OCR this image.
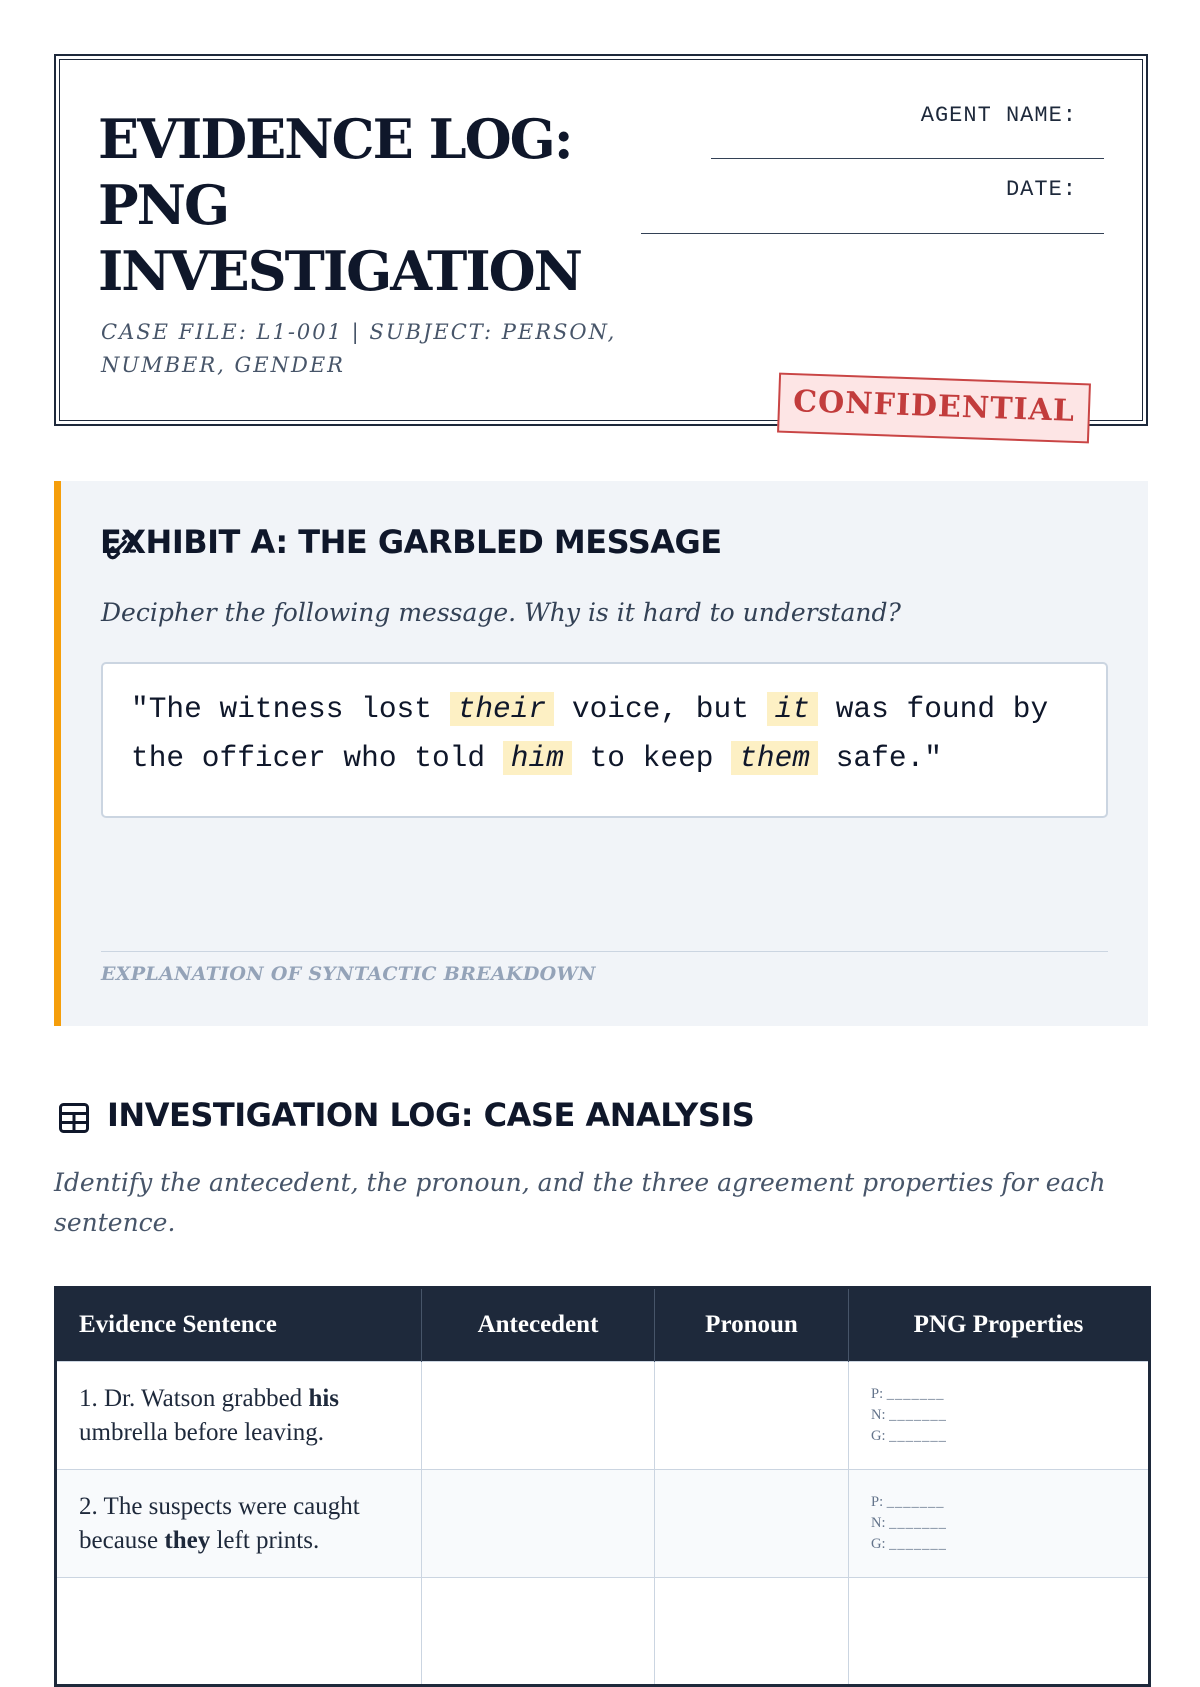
EVIDENCE LOG:
PNG
INVESTIGATION
CASE FILE: L1-001 | SUBJECT: PERSON, NUMBER, GENDER
AGENT NAME:
DATE:
CONFIDENTIAL
EXHIBIT A: THE GARBLED MESSAGE
Decipher the following message. Why is it hard to understand?
"The witness lost their voice, but it was found by the officer who told him to keep them safe."
EXPLANATION OF SYNTACTIC BREAKDOWN
INVESTIGATION LOG: CASE ANALYSIS
Identify the antecedent, the pronoun, and the three agreement properties for each sentence.
Evidence Sentence	Antecedent	Pronoun	PNG Properties

1. Dr. Watson grabbed his umbrella before leaving.			P: _______
N: _______
G: _______

2. The suspects were caught because they left prints.			P: _______
N: _______
G: _______
